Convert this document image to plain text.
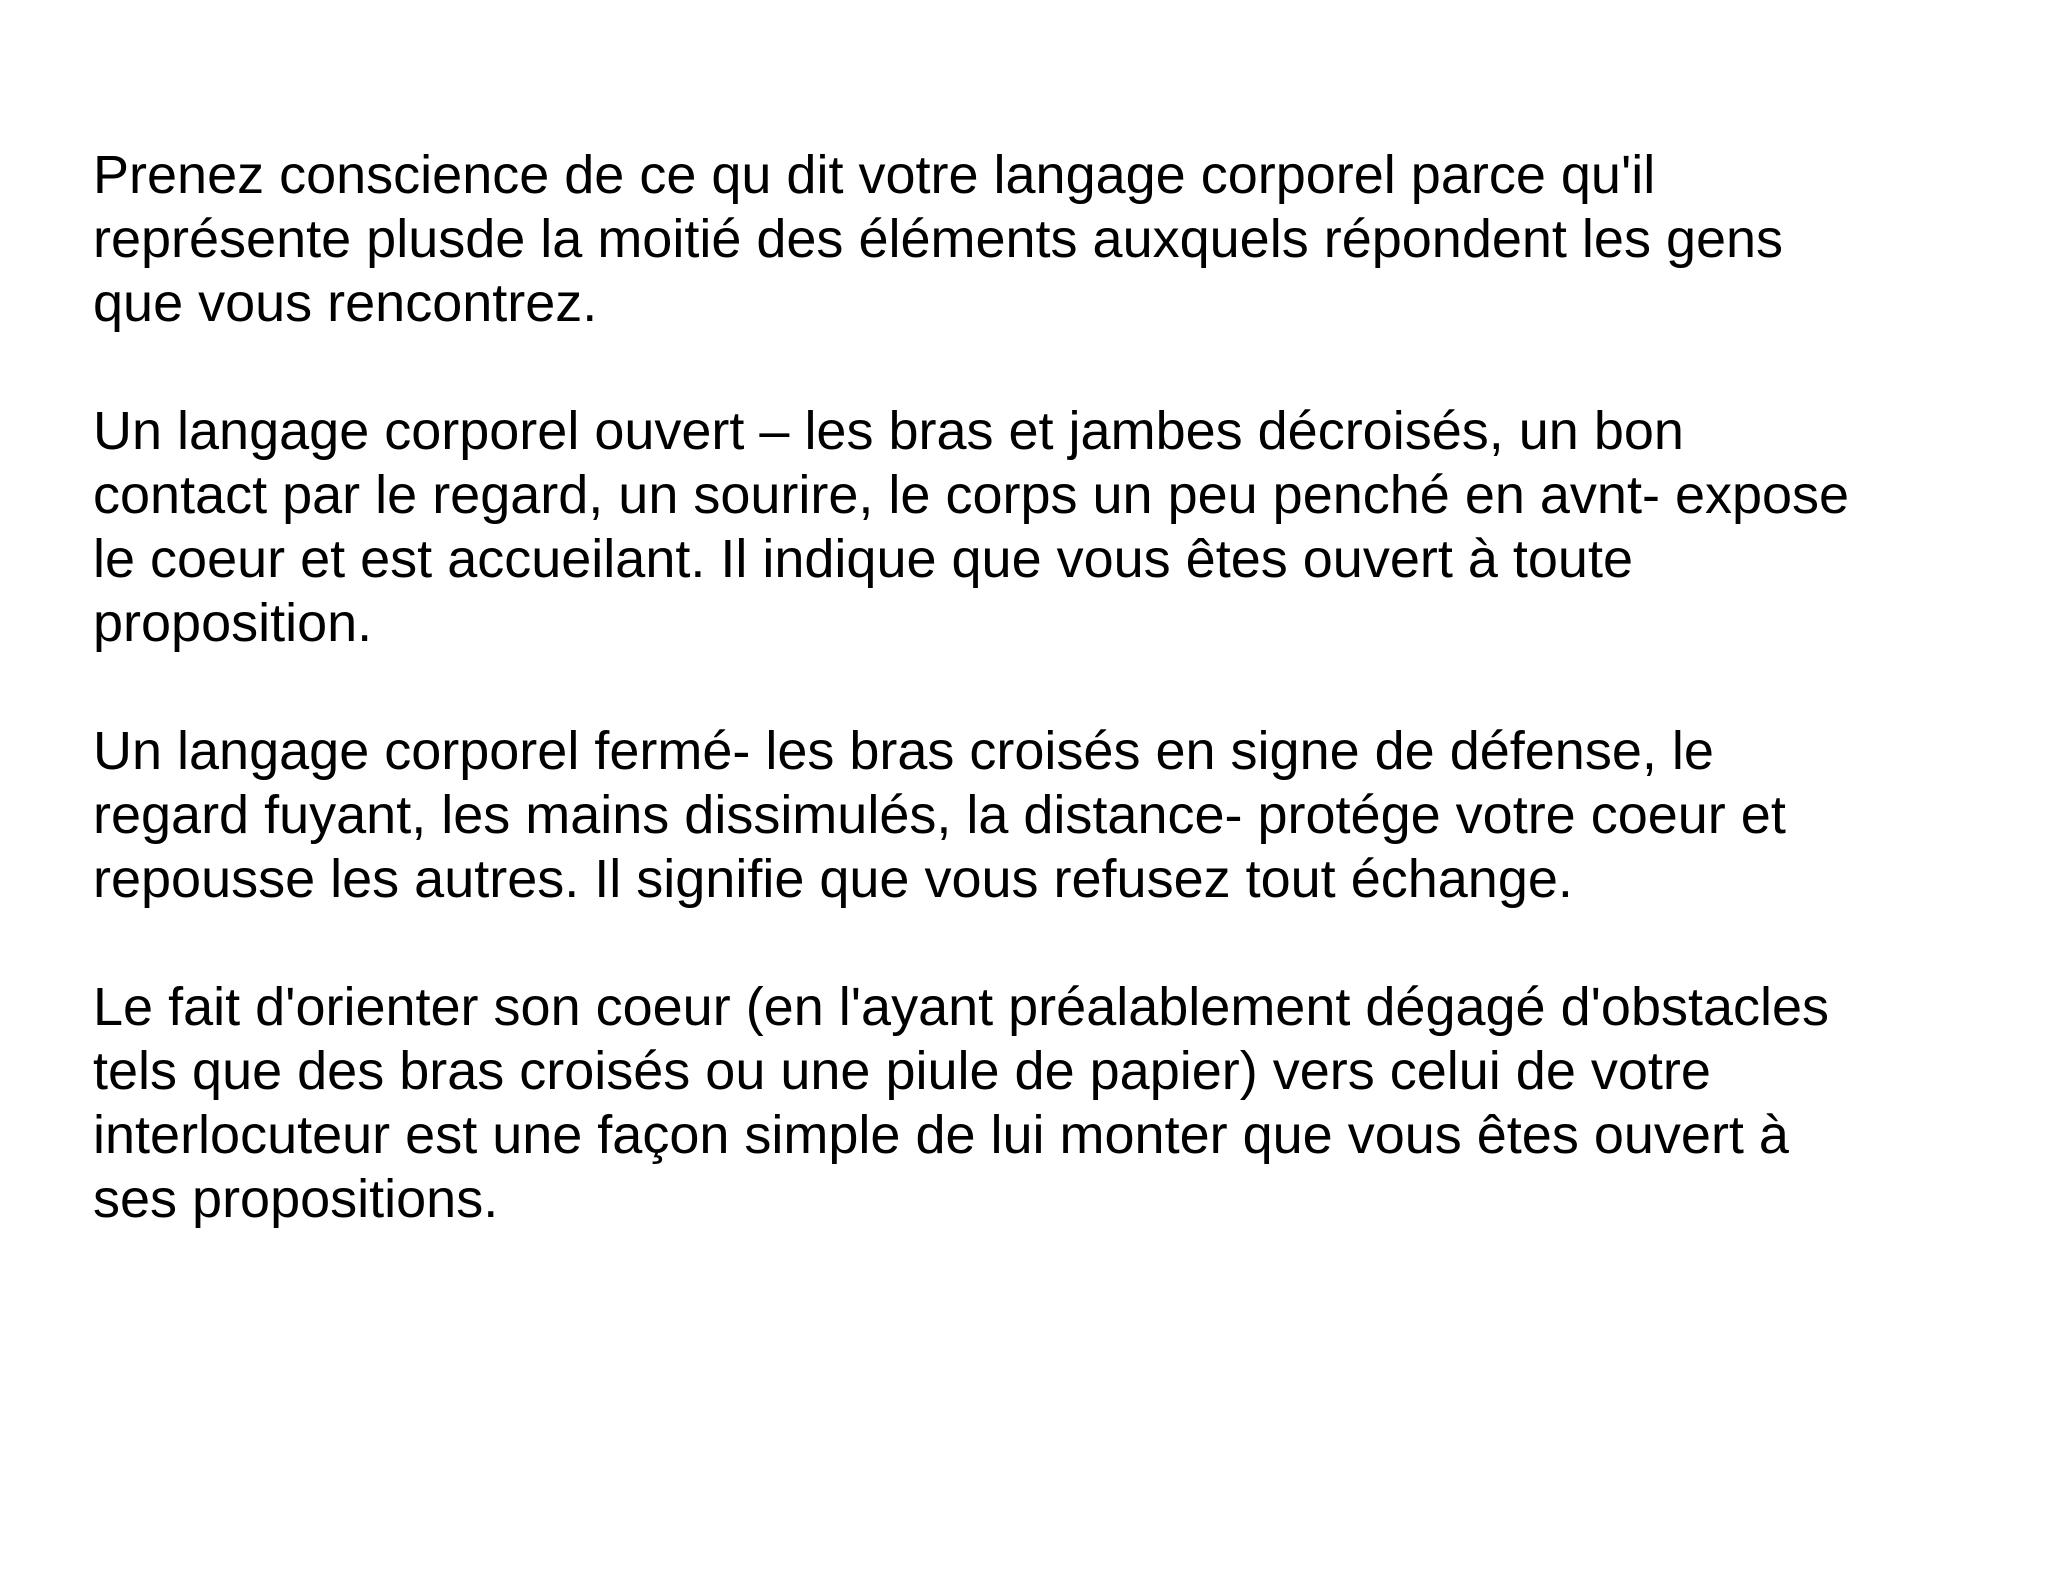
Prenez conscience de ce qu dit votre langage corporel parce qu'il
représente plusde la moitié des éléments auxquels répondent les gens
que vous rencontrez.

Un langage corporel ouvert – les bras et jambes décroisés, un bon
contact par le regard, un sourire, le corps un peu penché en avnt- expose
le coeur et est accueilant. Il indique que vous êtes ouvert à toute
proposition.

Un langage corporel fermé- les bras croisés en signe de défense, le
regard fuyant, les mains dissimulés, la distance- protége votre coeur et
repousse les autres. Il signifie que vous refusez tout échange.

Le fait d'orienter son coeur (en l'ayant préalablement dégagé d'obstacles
tels que des bras croisés ou une piule de papier) vers celui de votre
interlocuteur est une façon simple de lui monter que vous êtes ouvert à
ses propositions.
